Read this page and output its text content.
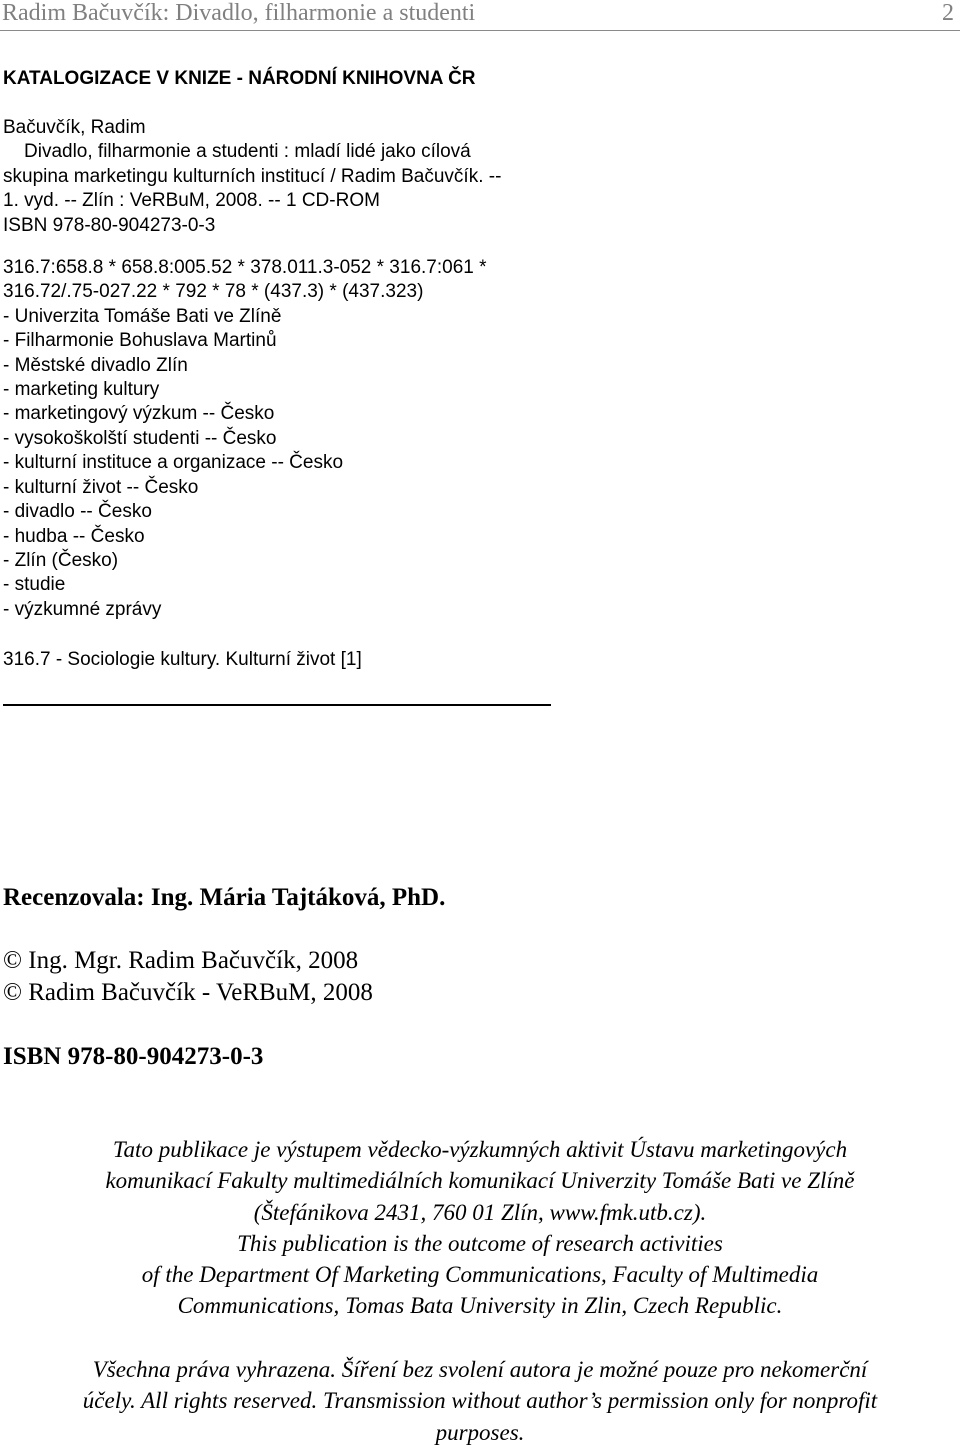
Radim Bačuvčík: Divadlo, filharmonie a studenti	2
KATALOGIZACE V KNIZE - NÁRODNÍ KNIHOVNA ČR
Bačuvčík, Radim
Divadlo, filharmonie a studenti : mladí lidé jako cílová
skupina marketingu kulturních institucí / Radim Bačuvčík. --
1. vyd. -- Zlín : VeRBuM, 2008. -- 1 CD-ROM
ISBN 978-80-904273-0-3
316.7:658.8 * 658.8:005.52 * 378.011.3-052 * 316.7:061 *
316.72/.75-027.22 * 792 * 78 * (437.3) * (437.323)
- Univerzita Tomáše Bati ve Zlíně
- Filharmonie Bohuslava Martinů
- Městské divadlo Zlín
- marketing kultury
- marketingový výzkum -- Česko
- vysokoškolští studenti -- Česko
- kulturní instituce a organizace -- Česko
- kulturní život -- Česko
- divadlo -- Česko
- hudba -- Česko
- Zlín (Česko)
- studie
- výzkumné zprávy
316.7 - Sociologie kultury. Kulturní život [1]
Recenzovala: Ing. Mária Tajtáková, PhD.
© Ing. Mgr. Radim Bačuvčík, 2008
© Radim Bačuvčík - VeRBuM, 2008
ISBN 978-80-904273-0-3
Tato publikace je výstupem vědecko-výzkumných aktivit Ústavu marketingových
komunikací Fakulty multimediálních komunikací Univerzity Tomáše Bati ve Zlíně
(Štefánikova 2431, 760 01 Zlín, www.fmk.utb.cz).
This publication is the outcome of research activities
of the Department Of Marketing Communications, Faculty of Multimedia
Communications, Tomas Bata University in Zlin, Czech Republic.
Všechna práva vyhrazena. Šíření bez svolení autora je možné pouze pro nekomerční
účely. All rights reserved. Transmission without author’s permission only for nonprofit
purposes.
